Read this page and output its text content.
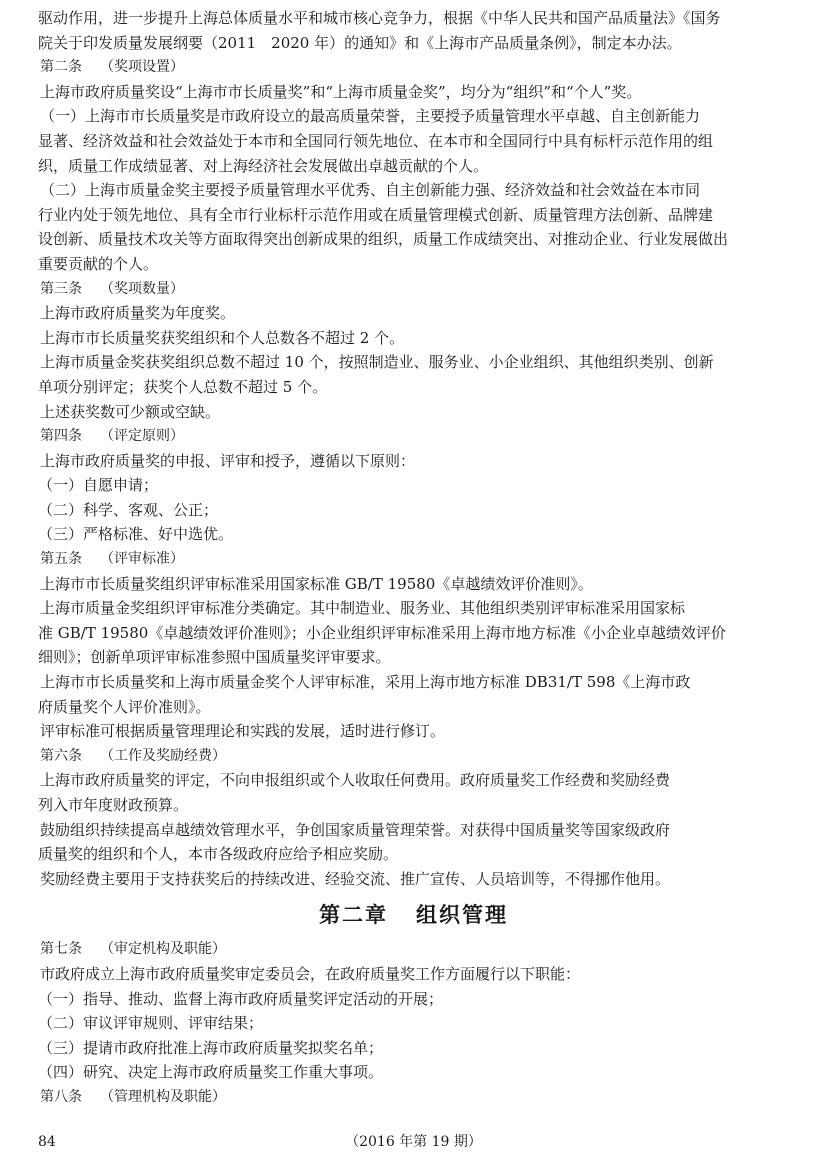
驱动作用，进一步提升上海总体质量水平和城市核心竞争力，根据《中华人民共和国产品质量法》《国务
院关于印发质量发展纲要（2011　2020 年）的通知》和《上海市产品质量条例》，制定本办法。
第二条 （奖项设置）
上海市政府质量奖设“上海市市长质量奖”和“上海市质量金奖”，均分为“组织”和“个人”奖。
（一）上海市市长质量奖是市政府设立的最高质量荣誉，主要授予质量管理水平卓越、自主创新能力
显著、经济效益和社会效益处于本市和全国同行领先地位、在本市和全国同行中具有标杆示范作用的组
织，质量工作成绩显著、对上海经济社会发展做出卓越贡献的个人。
（二）上海市质量金奖主要授予质量管理水平优秀、自主创新能力强、经济效益和社会效益在本市同
行业内处于领先地位、具有全市行业标杆示范作用或在质量管理模式创新、质量管理方法创新、品牌建
设创新、质量技术攻关等方面取得突出创新成果的组织，质量工作成绩突出、对推动企业、行业发展做出
重要贡献的个人。
第三条 （奖项数量）
上海市政府质量奖为年度奖。
上海市市长质量奖获奖组织和个人总数各不超过 2 个。
上海市质量金奖获奖组织总数不超过 10 个，按照制造业、服务业、小企业组织、其他组织类别、创新
单项分别评定；获奖个人总数不超过 5 个。
上述获奖数可少额或空缺。
第四条 （评定原则）
上海市政府质量奖的申报、评审和授予，遵循以下原则：
（一）自愿申请；
（二）科学、客观、公正；
（三）严格标准、好中选优。
第五条 （评审标准）
上海市市长质量奖组织评审标准采用国家标准 GB/T 19580《卓越绩效评价准则》。
上海市质量金奖组织评审标准分类确定。其中制造业、服务业、其他组织类别评审标准采用国家标
准 GB/T 19580《卓越绩效评价准则》；小企业组织评审标准采用上海市地方标准《小企业卓越绩效评价
细则》；创新单项评审标准参照中国质量奖评审要求。
上海市市长质量奖和上海市质量金奖个人评审标准，采用上海市地方标准 DB31/T 598《上海市政
府质量奖个人评价准则》。
评审标准可根据质量管理理论和实践的发展，适时进行修订。
第六条 （工作及奖励经费）
上海市政府质量奖的评定，不向申报组织或个人收取任何费用。政府质量奖工作经费和奖励经费
列入市年度财政预算。
鼓励组织持续提高卓越绩效管理水平，争创国家质量管理荣誉。对获得中国质量奖等国家级政府
质量奖的组织和个人，本市各级政府应给予相应奖励。
奖励经费主要用于支持获奖后的持续改进、经验交流、推广宣传、人员培训等，不得挪作他用。
第二章 组织管理
第七条 （审定机构及职能）
市政府成立上海市政府质量奖审定委员会，在政府质量奖工作方面履行以下职能：
（一）指导、推动、监督上海市政府质量奖评定活动的开展；
（二）审议评审规则、评审结果；
（三）提请市政府批准上海市政府质量奖拟奖名单；
（四）研究、决定上海市政府质量奖工作重大事项。
第八条 （管理机构及职能）
84	（2016 年第 19 期）
